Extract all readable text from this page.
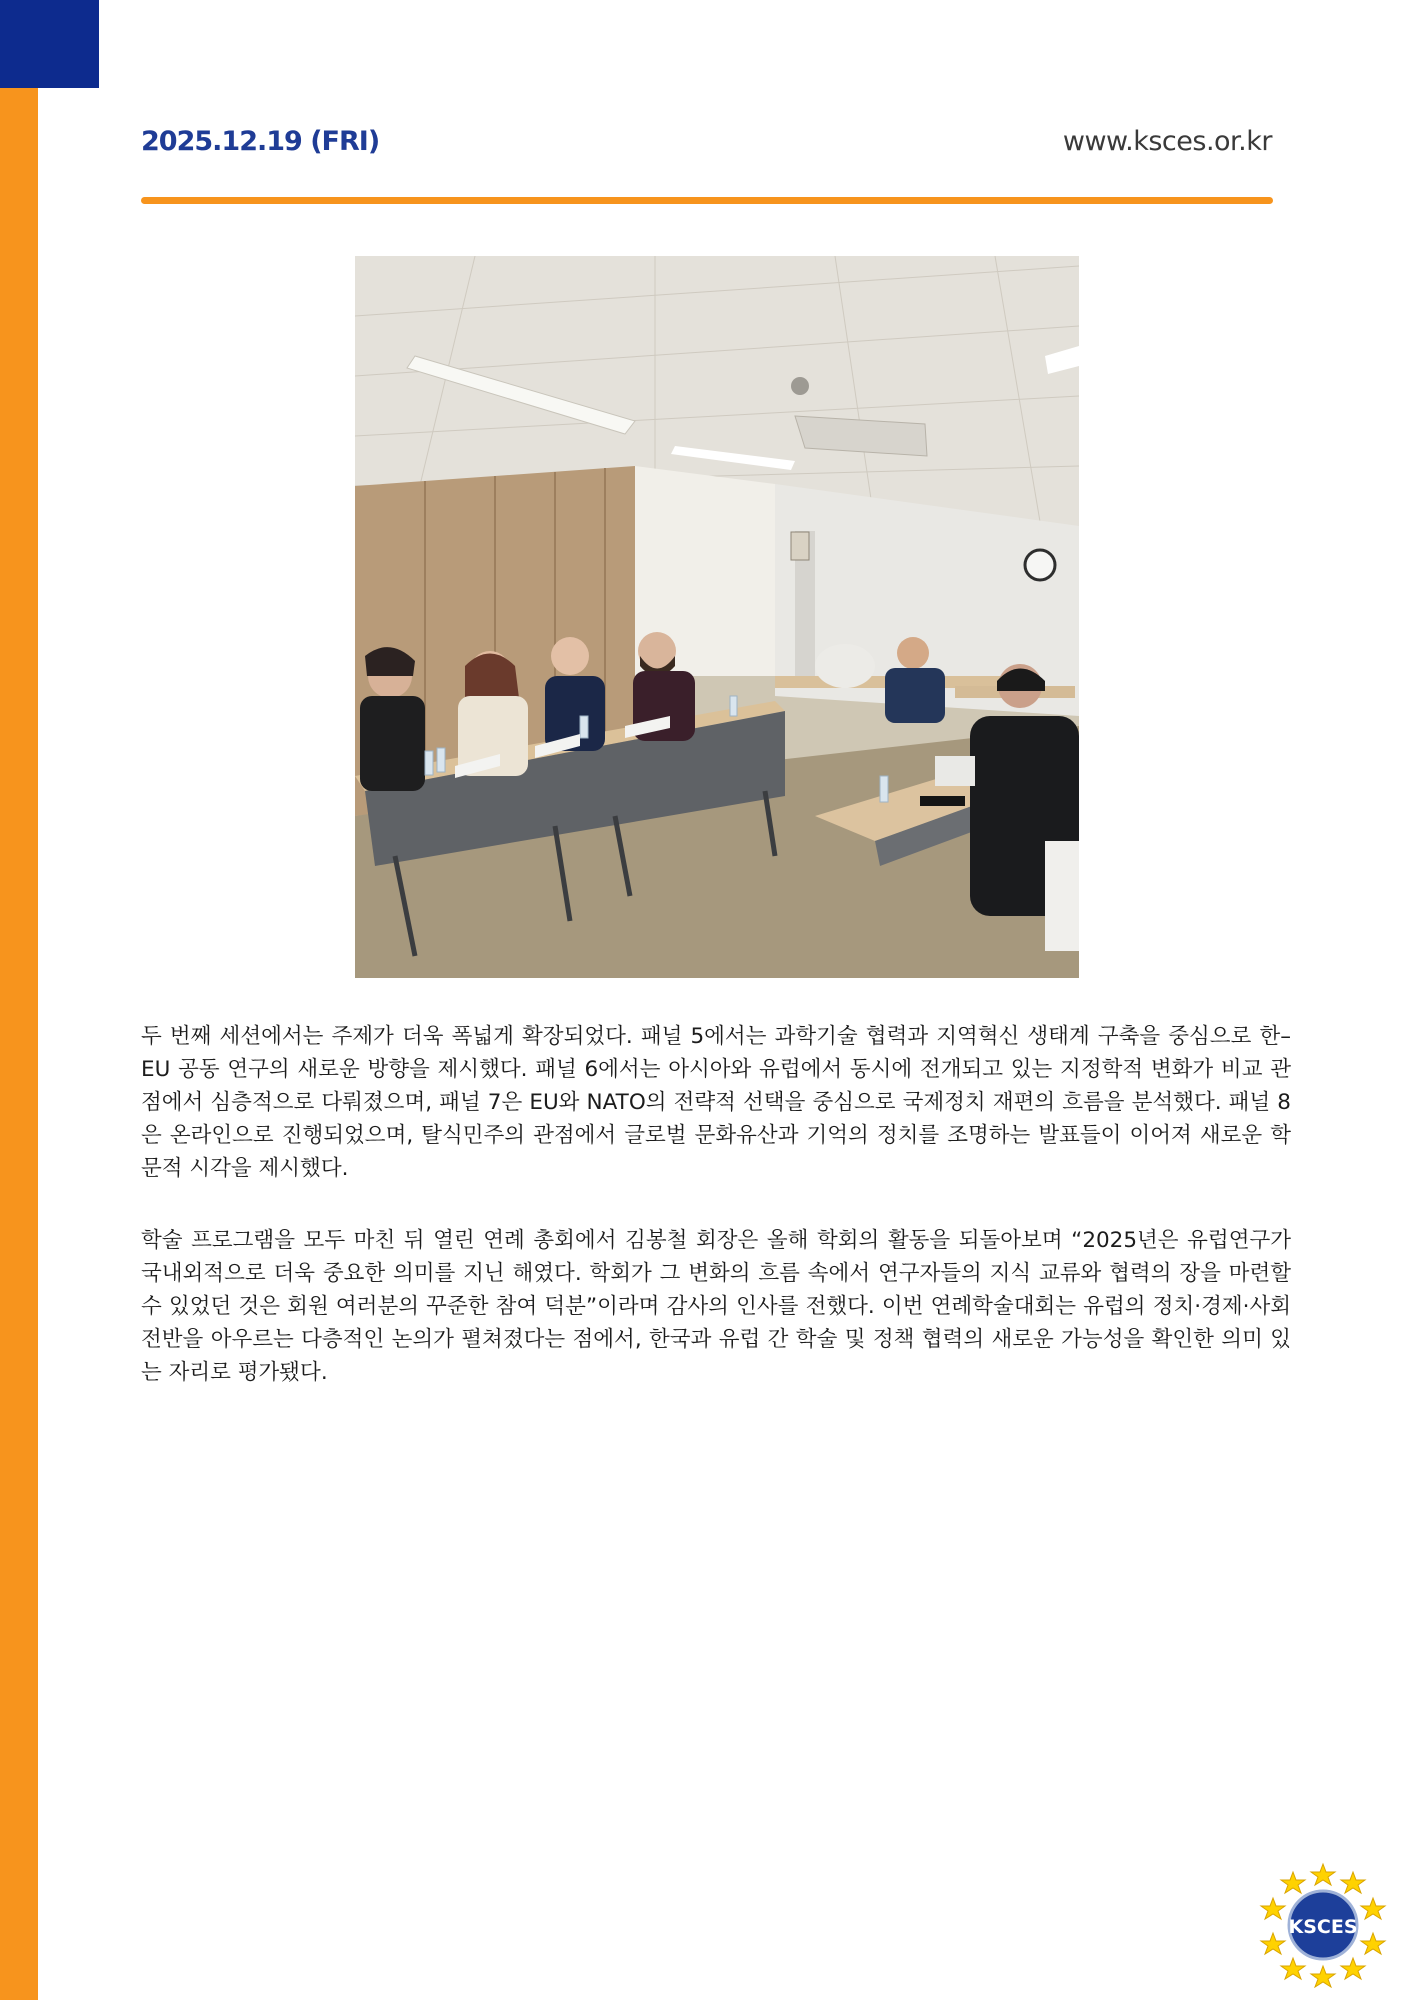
2025.12.19 (FRI)	www.ksces.or.kr

두 번째 세션에서는 주제가 더욱 폭넓게 확장되었다. 패널 5에서는 과학기술 협력과 지역혁신 생태계 구축을 중심으로 한–EU 공동 연구의 새로운 방향을 제시했다. 패널 6에서는 아시아와 유럽에서 동시에 전개되고 있는 지정학적 변화가 비교 관점에서 심층적으로 다뤄졌으며, 패널 7은 EU와 NATO의 전략적 선택을 중심으로 국제정치 재편의 흐름을 분석했다. 패널 8은 온라인으로 진행되었으며, 탈식민주의 관점에서 글로벌 문화유산과 기억의 정치를 조명하는 발표들이 이어져 새로운 학문적 시각을 제시했다.

학술 프로그램을 모두 마친 뒤 열린 연례 총회에서 김봉철 회장은 올해 학회의 활동을 되돌아보며 “2025년은 유럽연구가 국내외적으로 더욱 중요한 의미를 지닌 해였다. 학회가 그 변화의 흐름 속에서 연구자들의 지식 교류와 협력의 장을 마련할 수 있었던 것은 회원 여러분의 꾸준한 참여 덕분”이라며 감사의 인사를 전했다. 이번 연례학술대회는 유럽의 정치·경제·사회 전반을 아우르는 다층적인 논의가 펼쳐졌다는 점에서, 한국과 유럽 간 학술 및 정책 협력의 새로운 가능성을 확인한 의미 있는 자리로 평가됐다.

KSCES
